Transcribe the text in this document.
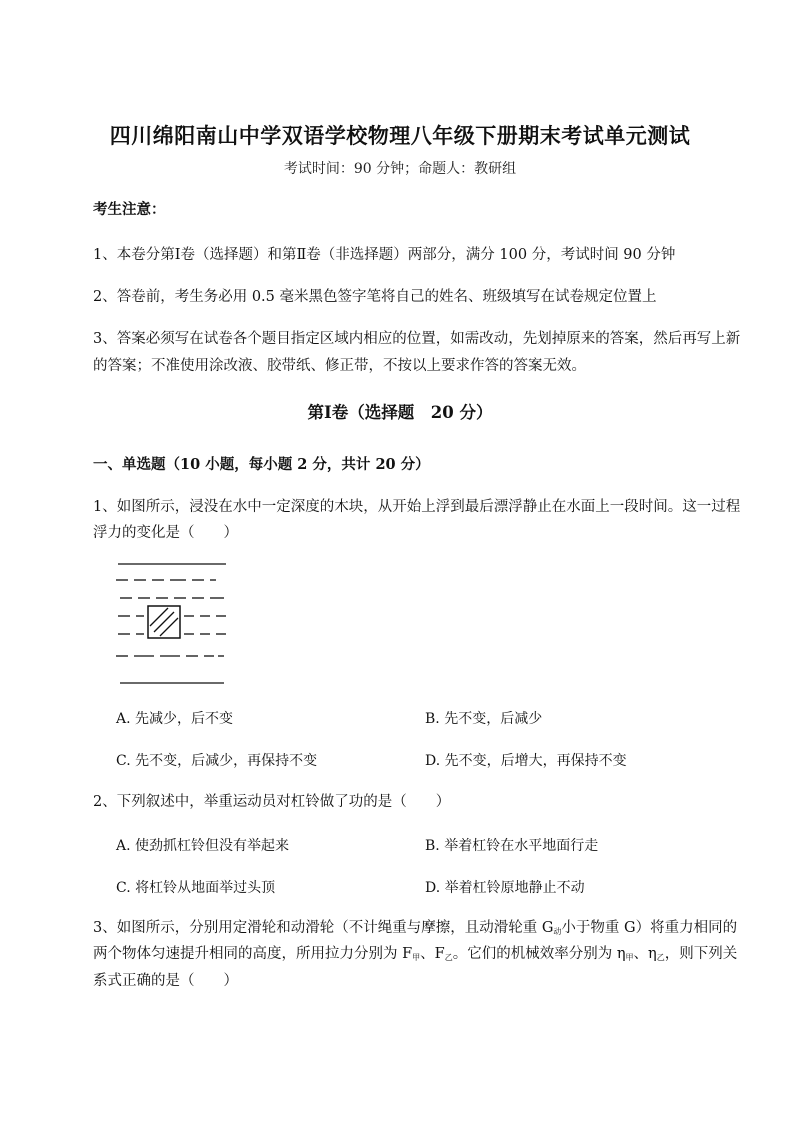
四川绵阳南山中学双语学校物理八年级下册期末考试单元测试
考试时间：90 分钟；命题人：教研组
考生注意：
1、本卷分第Ⅰ卷（选择题）和第Ⅱ卷（非选择题）两部分，满分 100 分，考试时间 90 分钟
2、答卷前，考生务必用 0.5 毫米黑色签字笔将自己的姓名、班级填写在试卷规定位置上
3、答案必须写在试卷各个题目指定区域内相应的位置，如需改动，先划掉原来的答案，然后再写上新
的答案；不准使用涂改液、胶带纸、修正带，不按以上要求作答的答案无效。
第Ⅰ卷（选择题　20 分）
一、单选题（10 小题，每小题 2 分，共计 20 分）
1、如图所示，浸没在水中一定深度的木块，从开始上浮到最后漂浮静止在水面上一段时间。这一过程
浮力的变化是（　　）
A. 先减少，后不变	B. 先不变，后减少
C. 先不变，后减少，再保持不变	D. 先不变，后增大，再保持不变
2、下列叙述中，举重运动员对杠铃做了功的是（　　）
A. 使劲抓杠铃但没有举起来	B. 举着杠铃在水平地面行走
C. 将杠铃从地面举过头顶	D. 举着杠铃原地静止不动
3、如图所示，分别用定滑轮和动滑轮（不计绳重与摩擦，且动滑轮重 $G_动$小于物重 G）将重力相同的
两个物体匀速提升相同的高度，所用拉力分别为 $F_甲$、$F_乙$。它们的机械效率分别为 $\eta_甲$、$\eta_乙$，则下列关
系式正确的是（　　）
